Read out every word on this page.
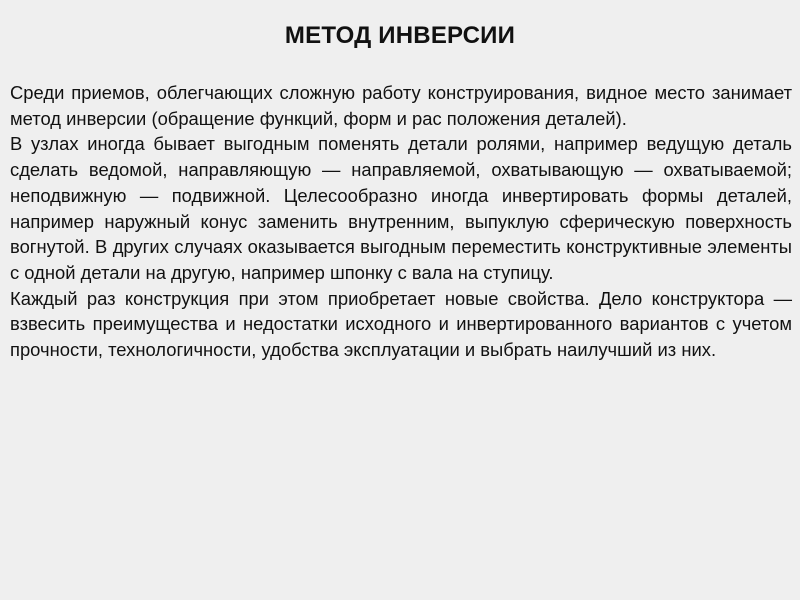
МЕТОД ИНВЕРСИИ

Среди приемов, облегчающих сложную работу конструирования, видное место занимает метод инверсии (обращение функций, форм и рас положения деталей).

В узлах иногда бывает выгодным поменять детали ролями, например ведущую деталь сделать ведомой, направляющую — направляемой, охватывающую — охватываемой; неподвижную — подвижной. Целесообразно иногда инвертировать формы деталей, например наружный конус заменить внутренним, выпуклую сферическую поверхность вогнутой. В других случаях оказывается выгодным переместить конструктивные элементы с одной детали на другую, например шпонку с вала на ступицу.

Каждый раз конструкция при этом приобретает новые свойства. Дело конструктора — взвесить преимущества и недостатки исходного и инвертированного вариантов с учетом прочности, технологичности, удобства эксплуатации и выбрать наилучший из них.
